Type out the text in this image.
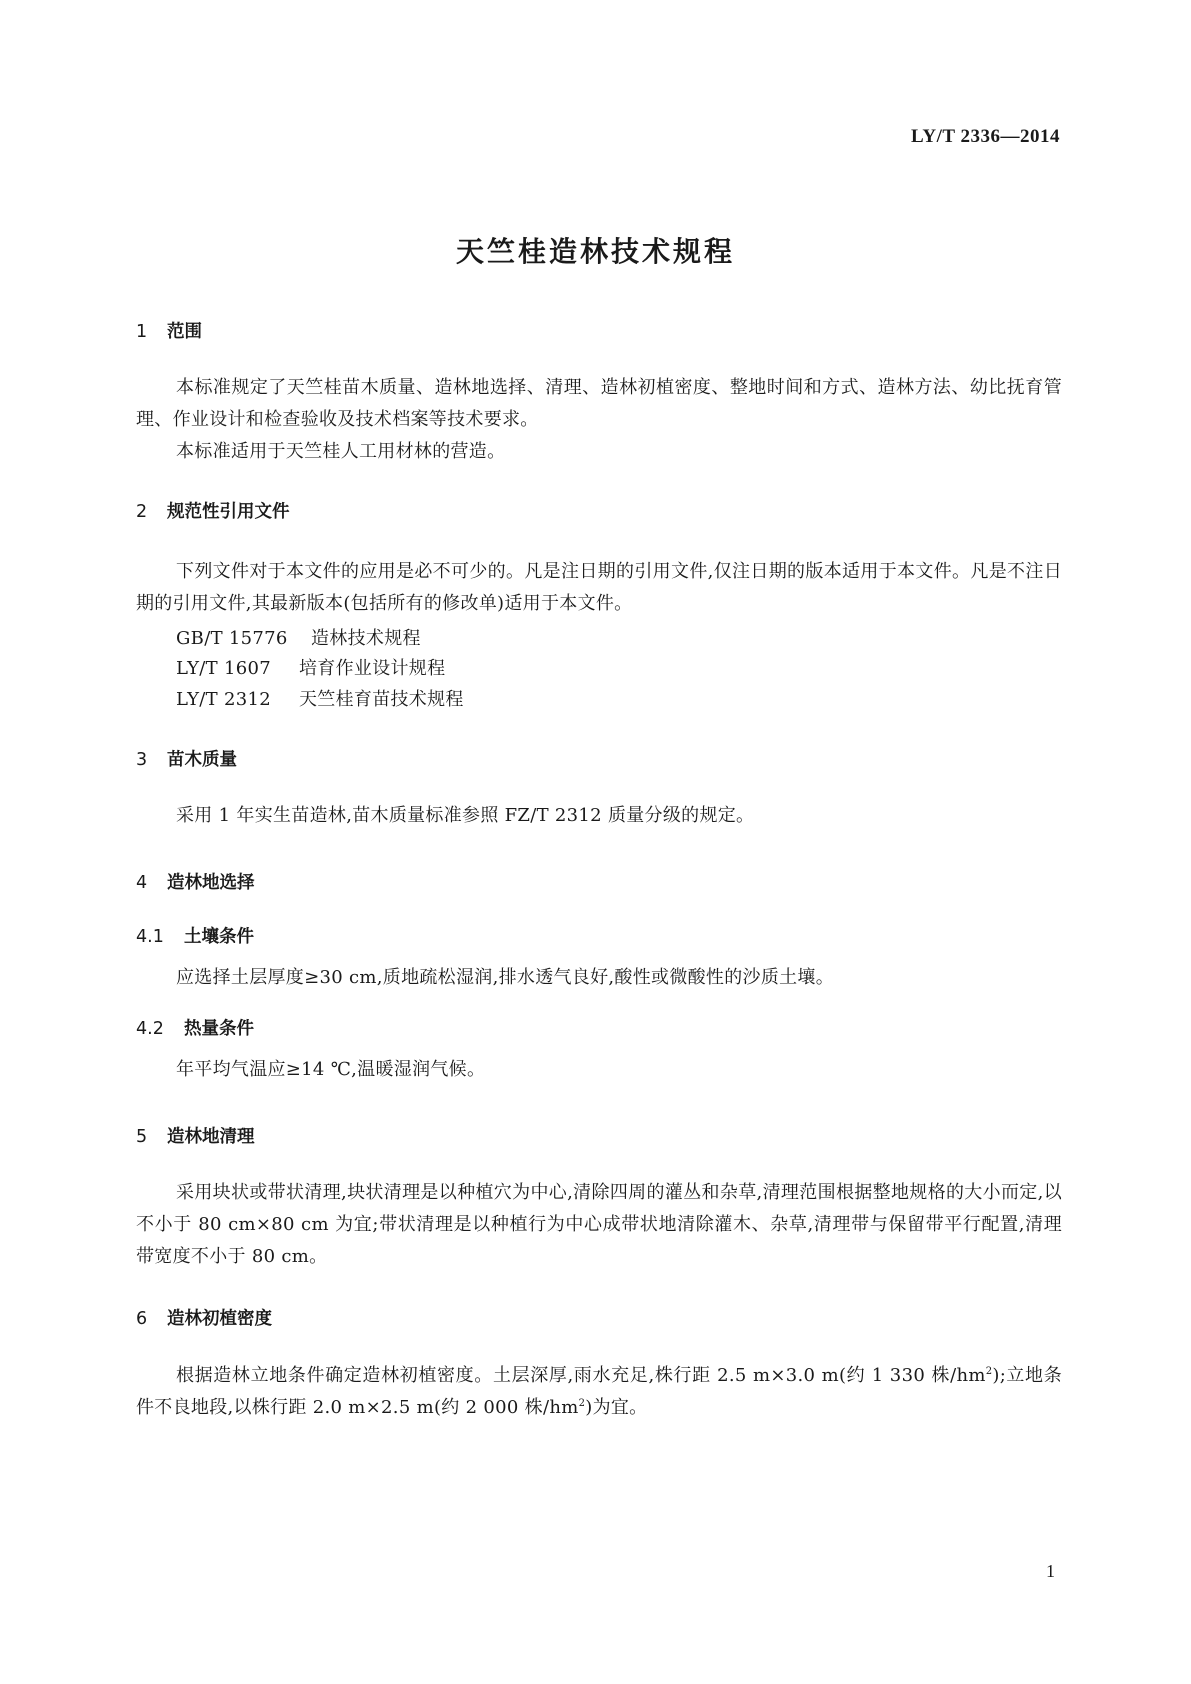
LY/T 2336—2014
天竺桂造林技术规程
1 范围
本标准规定了天竺桂苗木质量、造林地选择、清理、造林初植密度、整地时间和方式、造林方法、幼比抚育管理、作业设计和检查验收及技术档案等技术要求。
本标准适用于天竺桂人工用材林的营造。
2 规范性引用文件
下列文件对于本文件的应用是必不可少的。凡是注日期的引用文件,仅注日期的版本适用于本文件。凡是不注日期的引用文件,其最新版本(包括所有的修改单)适用于本文件。
GB/T 15776 造林技术规程
LY/T 1607 培育作业设计规程
LY/T 2312 天竺桂育苗技术规程
3 苗木质量
采用 1 年实生苗造林,苗木质量标准参照 FZ/T 2312 质量分级的规定。
4 造林地选择
4.1 土壤条件
应选择土层厚度≥30 cm,质地疏松湿润,排水透气良好,酸性或微酸性的沙质土壤。
4.2 热量条件
年平均气温应≥14 ℃,温暖湿润气候。
5 造林地清理
采用块状或带状清理,块状清理是以种植穴为中心,清除四周的灌丛和杂草,清理范围根据整地规格的大小而定,以不小于 80 cm×80 cm 为宜;带状清理是以种植行为中心成带状地清除灌木、杂草,清理带与保留带平行配置,清理带宽度不小于 80 cm。
6 造林初植密度
根据造林立地条件确定造林初植密度。土层深厚,雨水充足,株行距 2.5 m×3.0 m(约 1 330 株$/hm^2$);立地条件不良地段,以株行距 2.0 m×2.5 m(约 2 000 株$/hm^2$)为宜。
1
